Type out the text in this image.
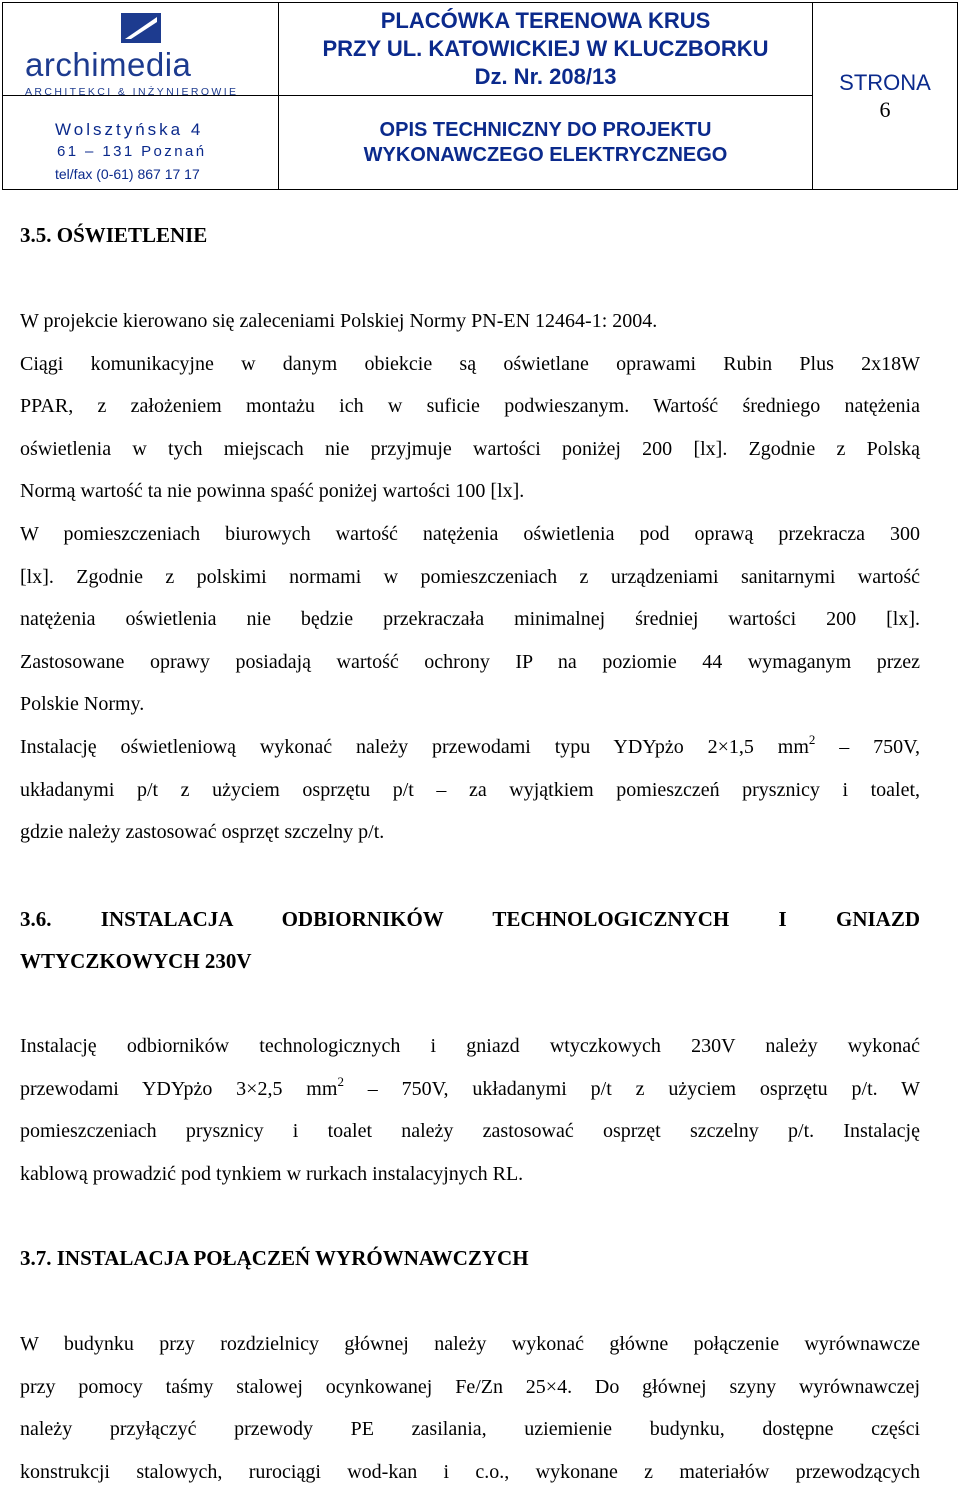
archimedia
ARCHITEKCI & INŻYNIEROWIE
Wolsztyńska 4
61 – 131 Poznań
tel/fax (0-61) 867 17 17
PLACÓWKA TERENOWA KRUS
PRZY UL. KATOWICKIEJ W KLUCZBORKU
Dz. Nr. 208/13
OPIS TECHNICZNY DO PROJEKTU
WYKONAWCZEGO ELEKTRYCZNEGO
STRONA
6
3.5. OŚWIETLENIE

W projekcie kierowano się zaleceniami Polskiej Normy PN-EN 12464-1: 2004.

Ciągi komunikacyjne w danym obiekcie są oświetlane oprawami Rubin Plus 2x18W

PPAR, z założeniem montażu ich w suficie podwieszanym. Wartość średniego natężenia

oświetlenia w tych miejscach nie przyjmuje wartości poniżej 200 [lx]. Zgodnie z Polską

Normą wartość ta nie powinna spaść poniżej wartości 100 [lx].

W pomieszczeniach biurowych wartość natężenia oświetlenia pod oprawą przekracza 300

[lx]. Zgodnie z polskimi normami w pomieszczeniach z urządzeniami sanitarnymi wartość

natężenia oświetlenia nie będzie przekraczała minimalnej średniej wartości 200 [lx].

Zastosowane oprawy posiadają wartość ochrony IP na poziomie 44 wymaganym przez

Polskie Normy.

Instalację oświetleniową wykonać należy przewodami typu YDYpżo 2×1,5 $mm^2 - 750V$,

układanymi p/t z użyciem osprzętu p/t – za wyjątkiem pomieszczeń prysznicy i toalet,

gdzie należy zastosować osprzęt szczelny p/t.

3.6. INSTALACJA ODBIORNIKÓW TECHNOLOGICZNYCH I GNIAZD
WTYCZKOWYCH 230V

Instalację odbiorników technologicznych i gniazd wtyczkowych 230V należy wykonać

przewodami YDYpżo 3×2,5 $mm^2 - 750V$, układanymi p/t z użyciem osprzętu p/t. W

pomieszczeniach prysznicy i toalet należy zastosować osprzęt szczelny p/t. Instalację

kablową prowadzić pod tynkiem w rurkach instalacyjnych RL.

3.7. INSTALACJA POŁĄCZEŃ WYRÓWNAWCZYCH

W budynku przy rozdzielnicy głównej należy wykonać główne połączenie wyrównawcze

przy pomocy taśmy stalowej ocynkowanej Fe/Zn 25×4. Do głównej szyny wyrównawczej

należy przyłączyć przewody PE zasilania, uziemienie budynku, dostępne części

konstrukcji stalowych, rurociągi wod-kan i c.o., wykonane z materiałów przewodzących
